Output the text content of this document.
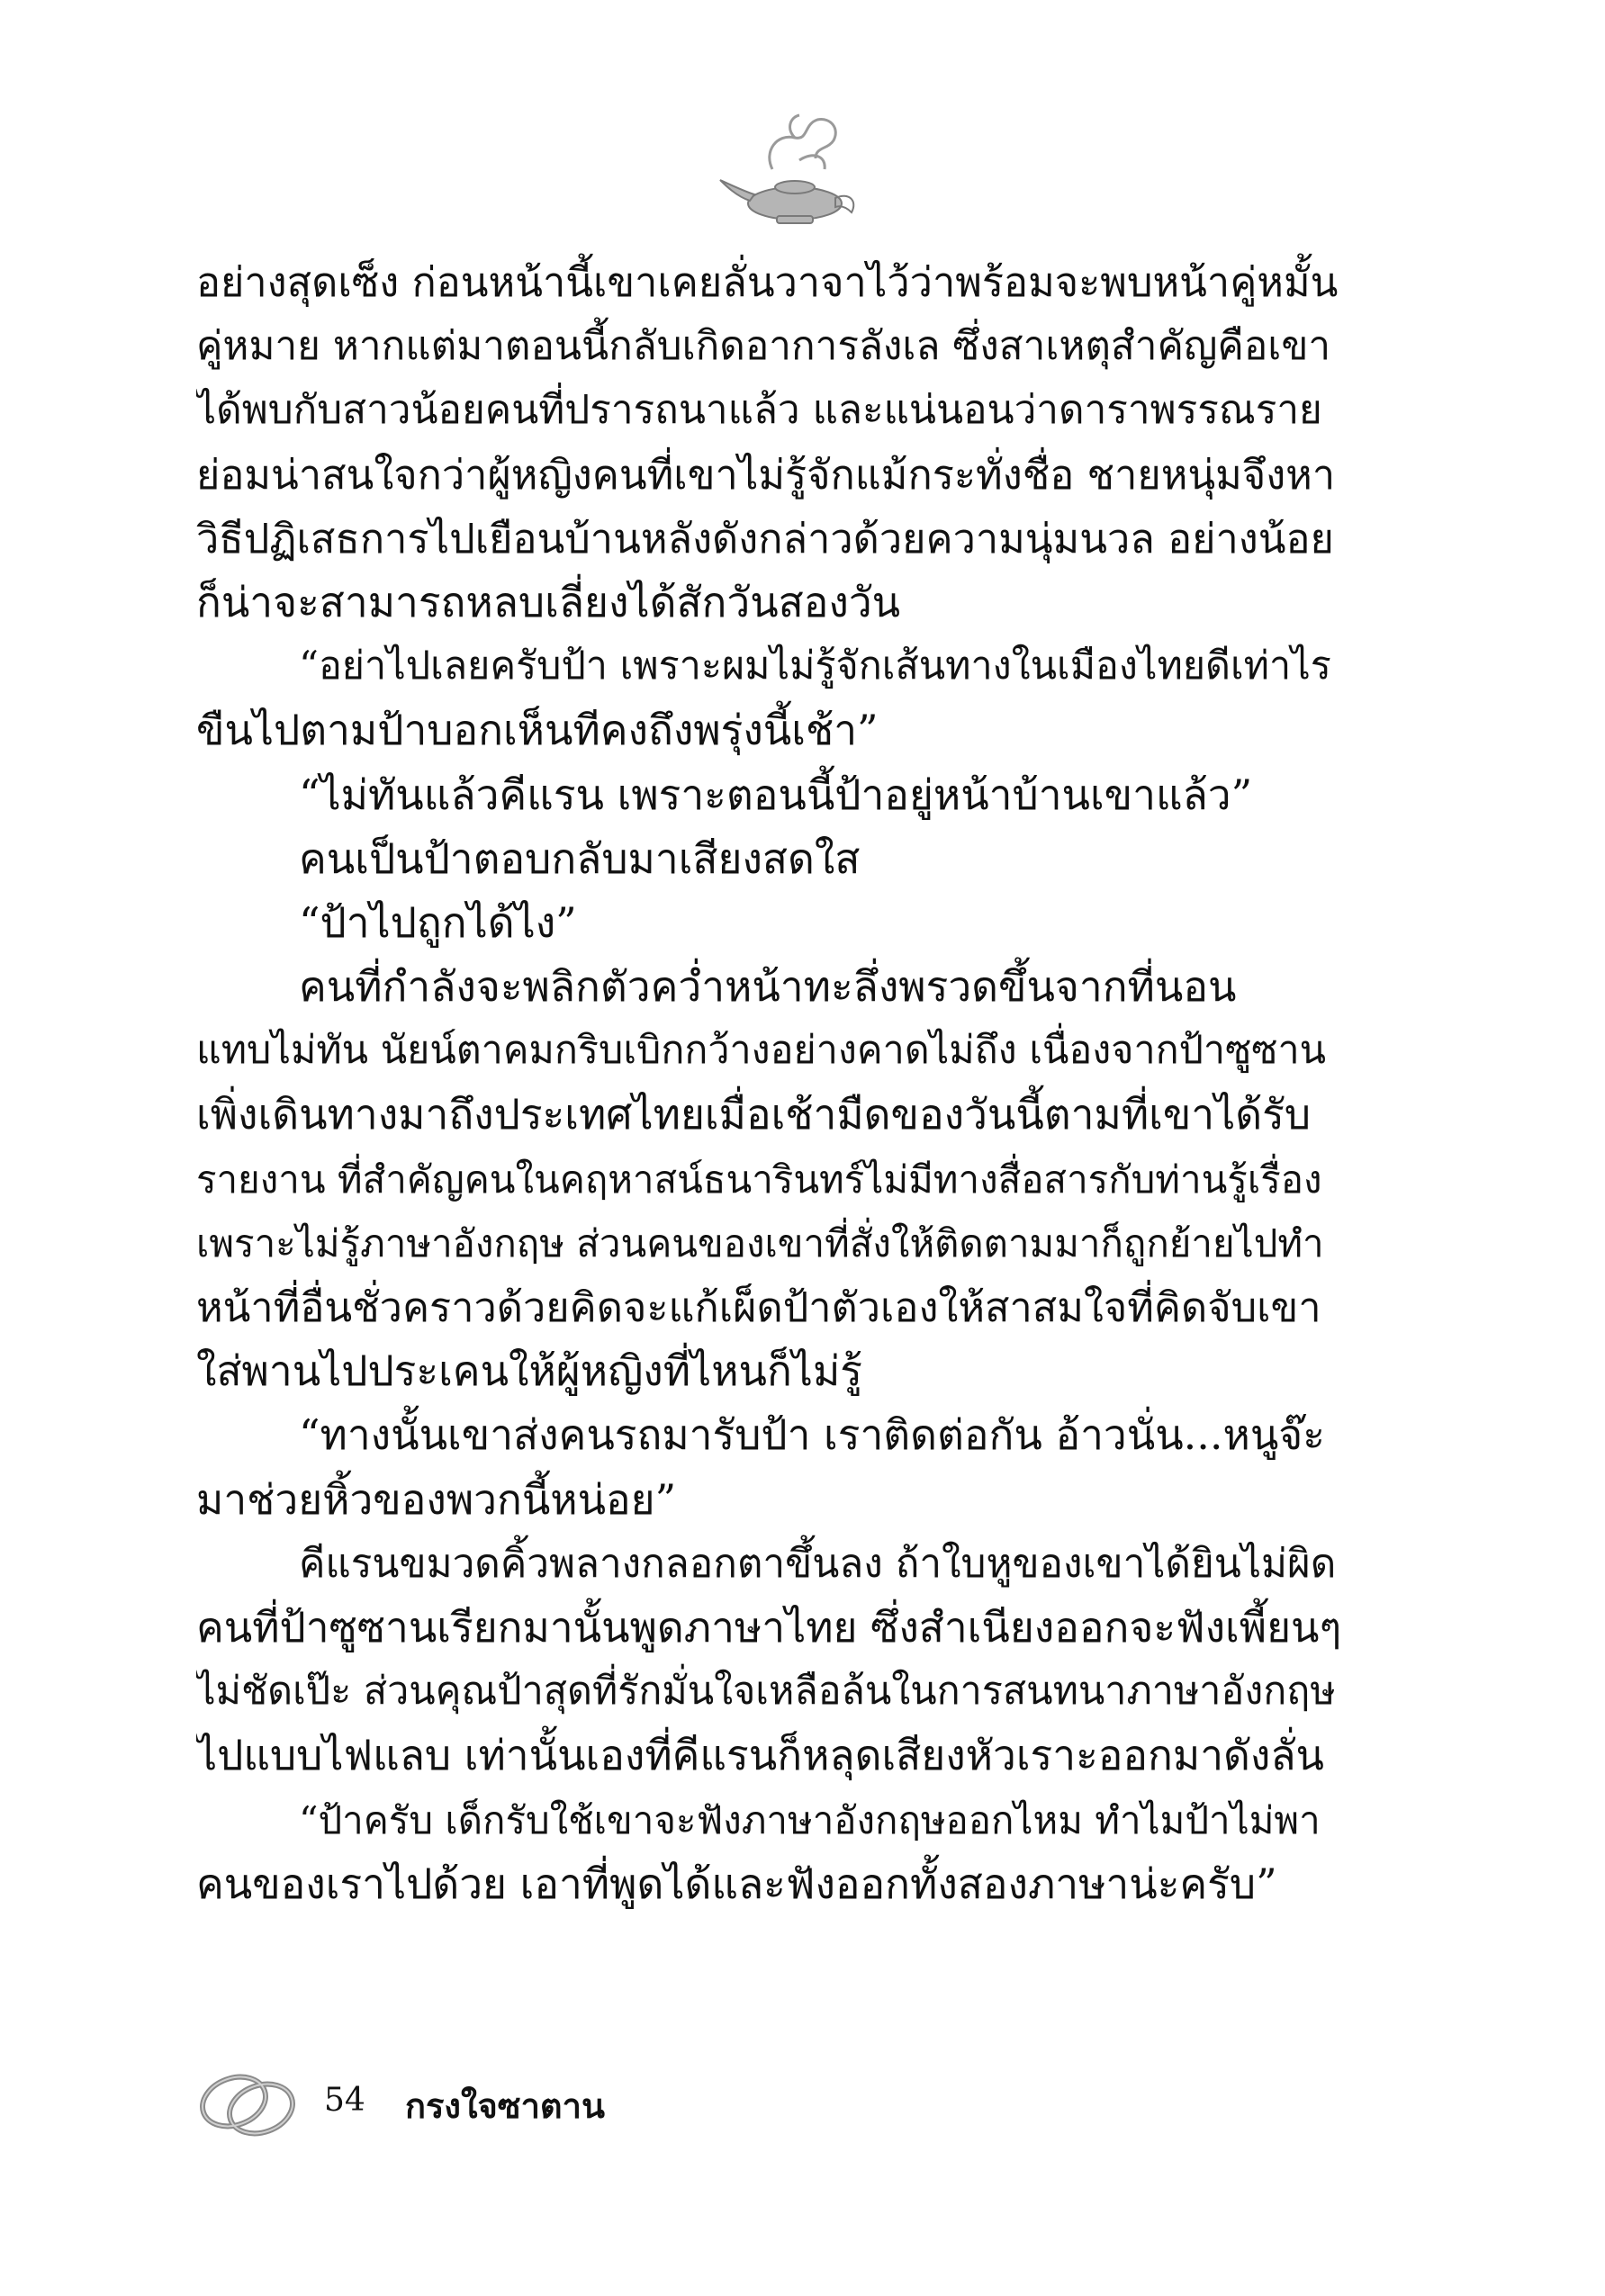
อย่างสุดเซ็ง ก่อนหน้านี้เขาเคยลั่นวาจาไว้ว่าพร้อมจะพบหน้าคู่หมั้น
คู่หมาย หากแต่มาตอนนี้กลับเกิดอาการลังเล ซึ่งสาเหตุสำคัญคือเขา
ได้พบกับสาวน้อยคนที่ปรารถนาแล้ว และแน่นอนว่าดาราพรรณราย
ย่อมน่าสนใจกว่าผู้หญิงคนที่เขาไม่รู้จักแม้กระทั่งชื่อ ชายหนุ่มจึงหา
วิธีปฏิเสธการไปเยือนบ้านหลังดังกล่าวด้วยความนุ่มนวล อย่างน้อย
ก็น่าจะสามารถหลบเลี่ยงได้สักวันสองวัน
“อย่าไปเลยครับป้า เพราะผมไม่รู้จักเส้นทางในเมืองไทยดีเท่าไร
ขืนไปตามป้าบอกเห็นทีคงถึงพรุ่งนี้เช้า”
“ไม่ทันแล้วคีแรน เพราะตอนนี้ป้าอยู่หน้าบ้านเขาแล้ว”
คนเป็นป้าตอบกลับมาเสียงสดใส
“ป้าไปถูกได้ไง”
คนที่กำลังจะพลิกตัวคว่ำหน้าทะลึ่งพรวดขึ้นจากที่นอน
แทบไม่ทัน นัยน์ตาคมกริบเบิกกว้างอย่างคาดไม่ถึง เนื่องจากป้าซูซาน
เพิ่งเดินทางมาถึงประเทศไทยเมื่อเช้ามืดของวันนี้ตามที่เขาได้รับ
รายงาน ที่สำคัญคนในคฤหาสน์ธนารินทร์ไม่มีทางสื่อสารกับท่านรู้เรื่อง
เพราะไม่รู้ภาษาอังกฤษ ส่วนคนของเขาที่สั่งให้ติดตามมาก็ถูกย้ายไปทำ
หน้าที่อื่นชั่วคราวด้วยคิดจะแก้เผ็ดป้าตัวเองให้สาสมใจที่คิดจับเขา
ใส่พานไปประเคนให้ผู้หญิงที่ไหนก็ไม่รู้
“ทางนั้นเขาส่งคนรถมารับป้า เราติดต่อกัน อ้าวนั่น...หนูจ๊ะ
มาช่วยหิ้วของพวกนี้หน่อย”
คีแรนขมวดคิ้วพลางกลอกตาขึ้นลง ถ้าใบหูของเขาได้ยินไม่ผิด
คนที่ป้าซูซานเรียกมานั้นพูดภาษาไทย ซึ่งสำเนียงออกจะฟังเพี้ยนๆ
ไม่ชัดเป๊ะ ส่วนคุณป้าสุดที่รักมั่นใจเหลือล้นในการสนทนาภาษาอังกฤษ
ไปแบบไฟแลบ เท่านั้นเองที่คีแรนก็หลุดเสียงหัวเราะออกมาดังลั่น
“ป้าครับ เด็กรับใช้เขาจะฟังภาษาอังกฤษออกไหม ทำไมป้าไม่พา
คนของเราไปด้วย เอาที่พูดได้และฟังออกทั้งสองภาษาน่ะครับ”
54 กรงใจซาตาน
